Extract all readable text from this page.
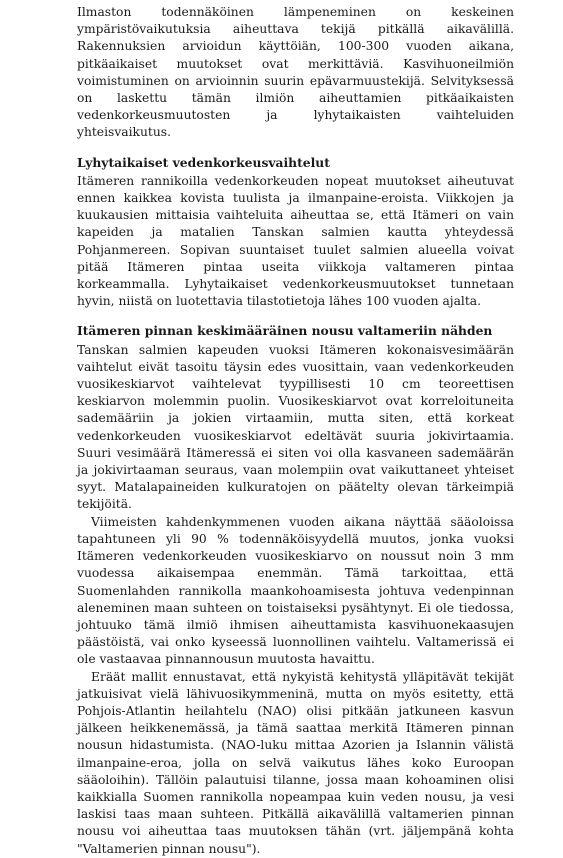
Ilmaston todennäköinen lämpeneminen on keskeinen ympäristövaikutuksia aiheuttava tekijä pitkällä aikavälillä. Rakennuksien arvioidun käyttöiän, 100-300 vuoden aikana, pitkäaikaiset muutokset ovat merkittäviä. Kasvihuoneilmiön voimistuminen on arvioinnin suurin epävarmuustekijä. Selvityksessä on laskettu tämän ilmiön aiheuttamien pitkäaikaisten vedenkorkeusmuutosten ja lyhytaikaisten vaihteluiden yhteisvaikutus.

Lyhytaikaiset vedenkorkeusvaihtelut

Itämeren rannikoilla vedenkorkeuden nopeat muutokset aiheutuvat ennen kaikkea kovista tuulista ja ilmanpaine-eroista. Viikkojen ja kuukausien mittaisia vaihteluita aiheuttaa se, että Itämeri on vain kapeiden ja matalien Tanskan salmien kautta yhteydessä Pohjanmereen. Sopivan suuntaiset tuulet salmien alueella voivat pitää Itämeren pintaa useita viikkoja valtameren pintaa korkeammalla. Lyhytaikaiset vedenkorkeusmuutokset tunnetaan hyvin, niistä on luotettavia tilastotietoja lähes 100 vuoden ajalta.

Itämeren pinnan keskimääräinen nousu valtameriin nähden

Tanskan salmien kapeuden vuoksi Itämeren kokonaisvesimäärän vaihtelut eivät tasoitu täysin edes vuosittain, vaan vedenkorkeuden vuosikeskiarvot vaihtelevat tyypillisesti 10 cm teoreettisen keskiarvon molemmin puolin. Vuosikeskiarvot ovat korreloituneita sademääriin ja jokien virtaamiin, mutta siten, että korkeat vedenkorkeuden vuosikeskiarvot edeltävät suuria jokivirtaamia. Suuri vesimäärä Itämeressä ei siten voi olla kasvaneen sademäärän ja jokivirtaaman seuraus, vaan molempiin ovat vaikuttaneet yhteiset syyt. Matalapaineiden kulkuratojen on päätelty olevan tärkeimpiä tekijöitä.

Viimeisten kahdenkymmenen vuoden aikana näyttää sääoloissa tapahtuneen yli 90 % todennäköisyydellä muutos, jonka vuoksi Itämeren vedenkorkeuden vuosikeskiarvo on noussut noin 3 mm vuodessa aikaisempaa enemmän. Tämä tarkoittaa, että Suomenlahden rannikolla maankohoamisesta johtuva vedenpinnan aleneminen maan suhteen on toistaiseksi pysähtynyt. Ei ole tiedossa, johtuuko tämä ilmiö ihmisen aiheuttamista kasvihuonekaasujen päästöistä, vai onko kyseessä luonnollinen vaihtelu. Valtamerissä ei ole vastaavaa pinnannousun muutosta havaittu.

Eräät mallit ennustavat, että nykyistä kehitystä ylläpitävät tekijät jatkuisivat vielä lähivuosikymmeninä, mutta on myös esitetty, että Pohjois-Atlantin heilahtelu (NAO) olisi pitkään jatkuneen kasvun jälkeen heikkenemässä, ja tämä saattaa merkitä Itämeren pinnan nousun hidastumista. (NAO-luku mittaa Azorien ja Islannin välistä ilmanpaine-eroa, jolla on selvä vaikutus lähes koko Euroopan sääoloihin). Tällöin palautuisi tilanne, jossa maan kohoaminen olisi kaikkialla Suomen rannikolla nopeampaa kuin veden nousu, ja vesi laskisi taas maan suhteen. Pitkällä aikavälillä valtamerien pinnan nousu voi aiheuttaa taas muutoksen tähän (vrt. jäljempänä kohta "Valtamerien pinnan nousu").
